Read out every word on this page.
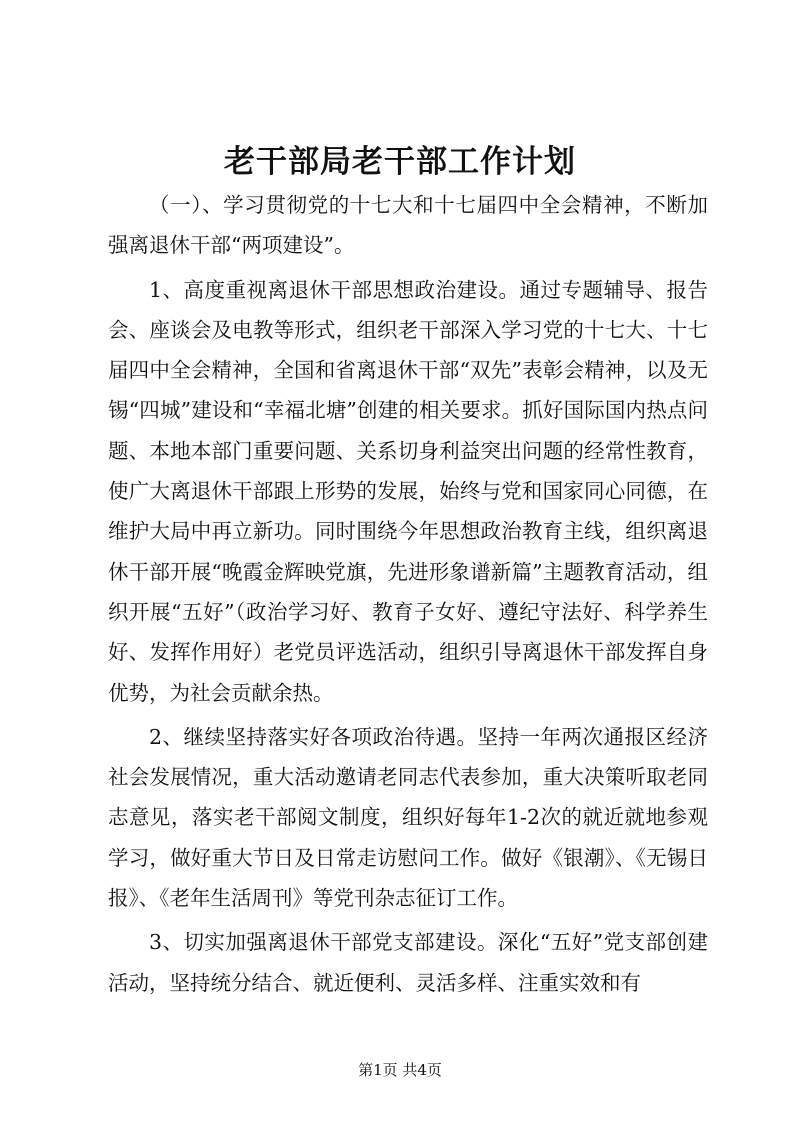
老干部局老干部工作计划

（一）、学习贯彻党的十七大和十七届四中全会精神，不断加强离退休干部“两项建设”。

1、高度重视离退休干部思想政治建设。通过专题辅导、报告会、座谈会及电教等形式，组织老干部深入学习党的十七大、十七届四中全会精神，全国和省离退休干部“双先”表彰会精神，以及无锡“四城”建设和“幸福北塘”创建的相关要求。抓好国际国内热点问题、本地本部门重要问题、关系切身利益突出问题的经常性教育，使广大离退休干部跟上形势的发展，始终与党和国家同心同德，在维护大局中再立新功。同时围绕今年思想政治教育主线，组织离退休干部开展“晚霞金辉映党旗，先进形象谱新篇”主题教育活动，组织开展“五好”（政治学习好、教育子女好、遵纪守法好、科学养生好、发挥作用好）老党员评选活动，组织引导离退休干部发挥自身优势，为社会贡献余热。

2、继续坚持落实好各项政治待遇。坚持一年两次通报区经济社会发展情况，重大活动邀请老同志代表参加，重大决策听取老同志意见，落实老干部阅文制度，组织好每年1-2次的就近就地参观学习，做好重大节日及日常走访慰问工作。做好《银潮》、《无锡日报》、《老年生活周刊》等党刊杂志征订工作。

3、切实加强离退休干部党支部建设。深化“五好”党支部创建活动，坚持统分结合、就近便利、灵活多样、注重实效和有

第1页 共4页
